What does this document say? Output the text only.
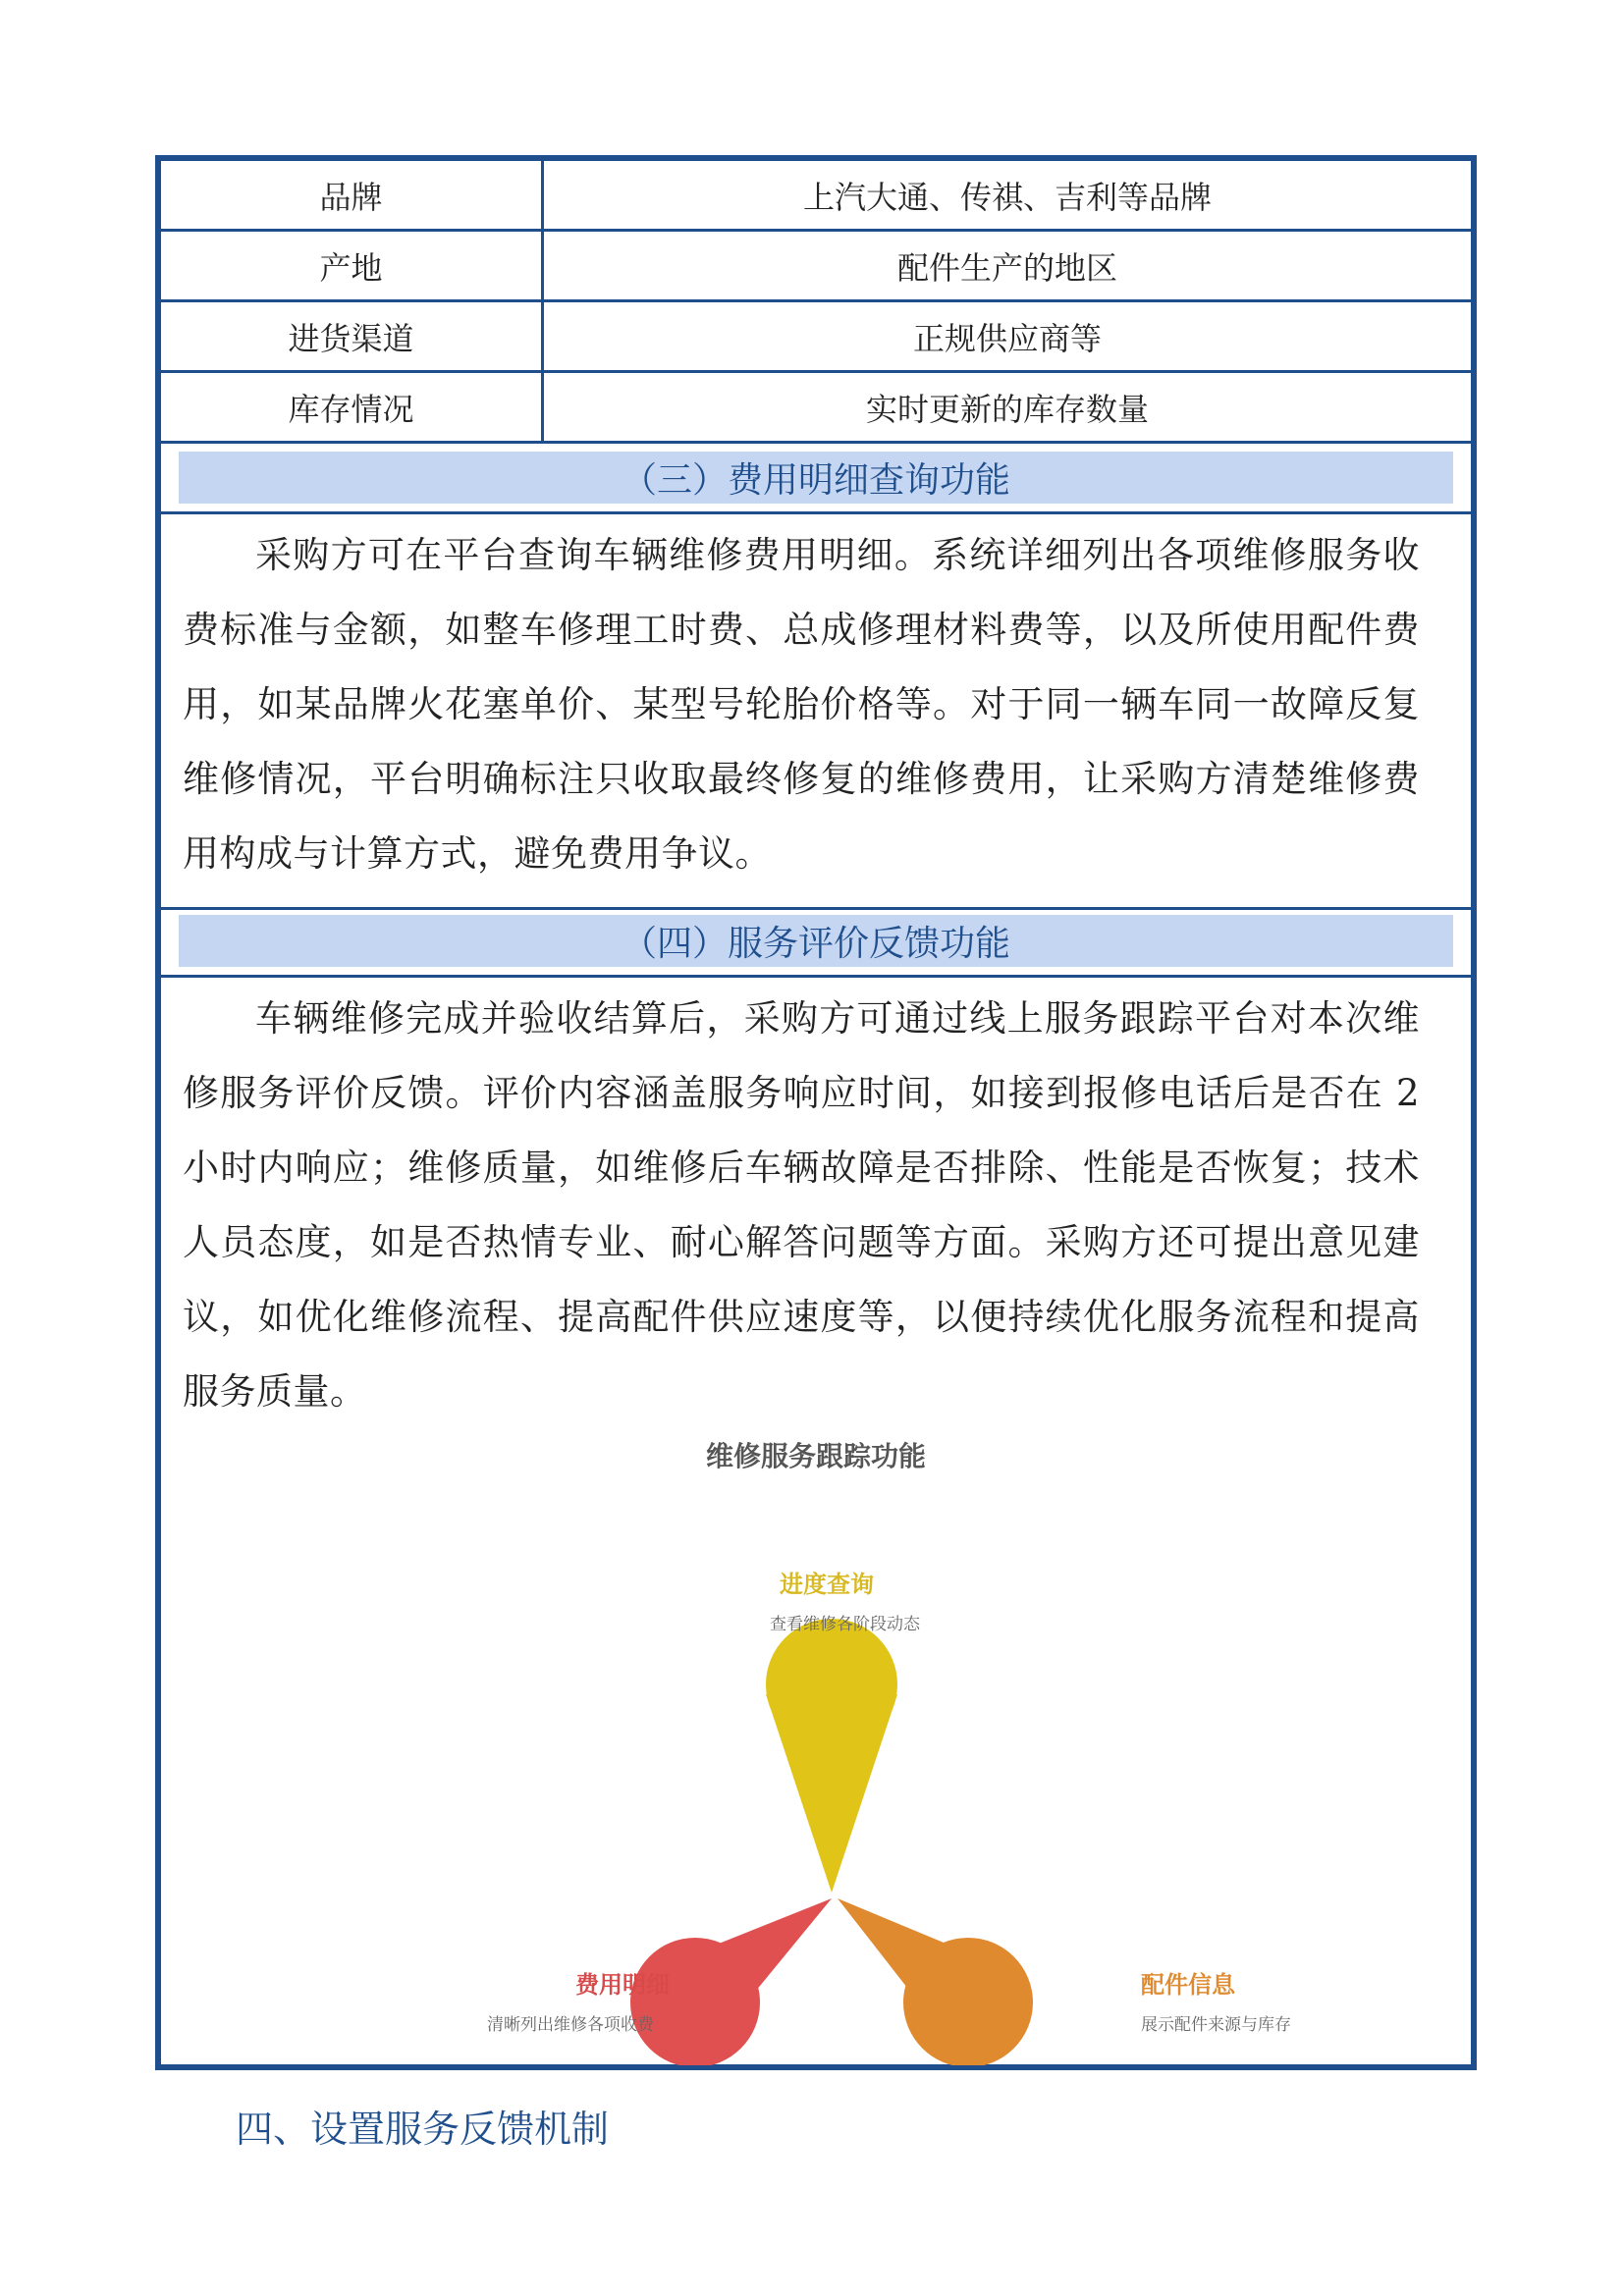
品牌	上汽大通、传祺、吉利等品牌
产地	配件生产的地区
进货渠道	正规供应商等
库存情况	实时更新的库存数量
（三）费用明细查询功能
采购方可在平台查询车辆维修费用明细。系统详细列出各项维修服务收费标准与金额，如整车修理工时费、总成修理材料费等，以及所使用配件费用，如某品牌火花塞单价、某型号轮胎价格等。对于同一辆车同一故障反复维修情况，平台明确标注只收取最终修复的维修费用，让采购方清楚维修费用构成与计算方式，避免费用争议。
（四）服务评价反馈功能
车辆维修完成并验收结算后，采购方可通过线上服务跟踪平台对本次维修服务评价反馈。评价内容涵盖服务响应时间，如接到报修电话后是否在 2 小时内响应；维修质量，如维修后车辆故障是否排除、性能是否恢复；技术人员态度，如是否热情专业、耐心解答问题等方面。采购方还可提出意见建议，如优化维修流程、提高配件供应速度等，以便持续优化服务流程和提高服务质量。
维修服务跟踪功能
进度查询
查看维修各阶段动态
费用明细
清晰列出维修各项收费
配件信息
展示配件来源与库存
四、设置服务反馈机制
